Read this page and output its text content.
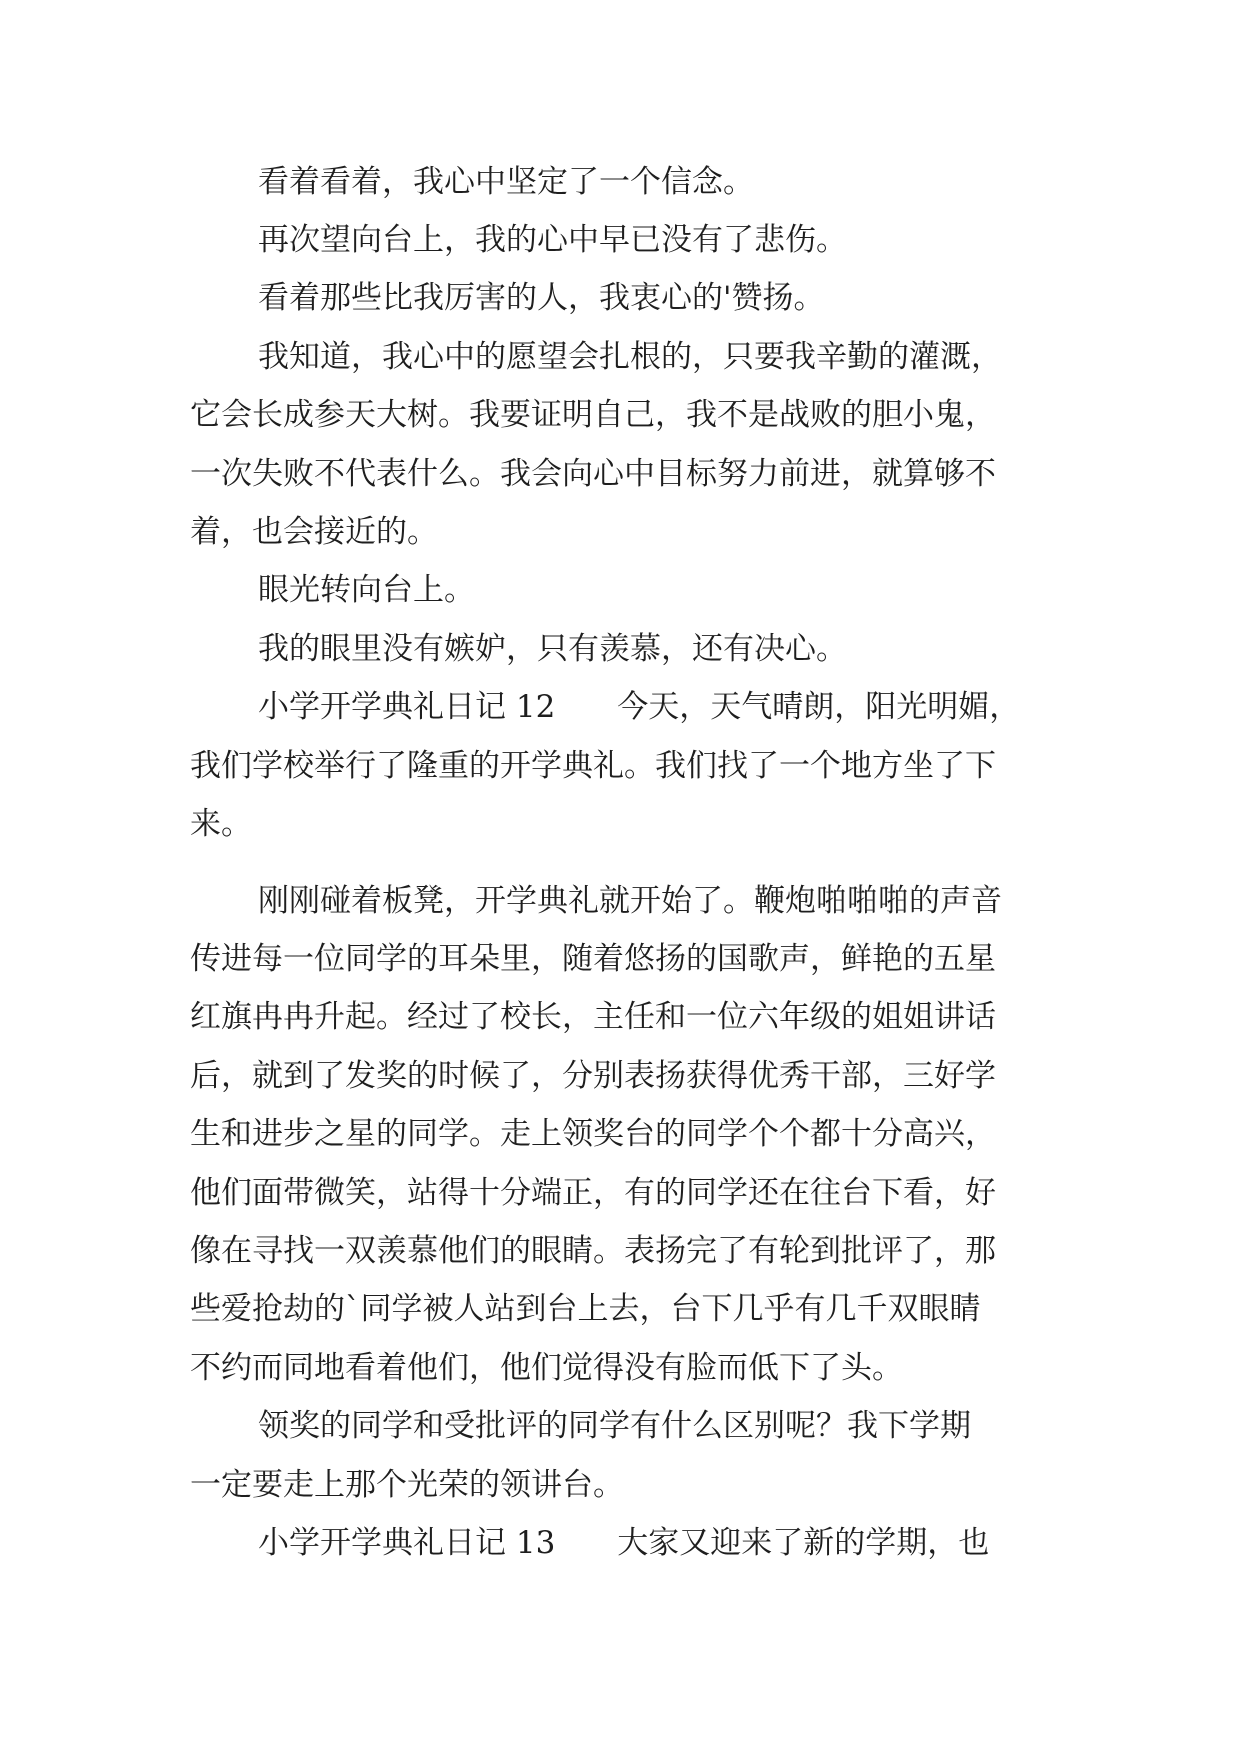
看着看着，我心中坚定了一个信念。
再次望向台上，我的心中早已没有了悲伤。
看着那些比我厉害的人，我衷心的'赞扬。
我知道，我心中的愿望会扎根的，只要我辛勤的灌溉，
它会长成参天大树。我要证明自己，我不是战败的胆小鬼，
一次失败不代表什么。我会向心中目标努力前进，就算够不
着，也会接近的。
眼光转向台上。
我的眼里没有嫉妒，只有羡慕，还有决心。
小学开学典礼日记 12　　今天，天气晴朗，阳光明媚，
我们学校举行了隆重的开学典礼。我们找了一个地方坐了下
来。
刚刚碰着板凳，开学典礼就开始了。鞭炮啪啪啪的声音
传进每一位同学的耳朵里，随着悠扬的国歌声，鲜艳的五星
红旗冉冉升起。经过了校长，主任和一位六年级的姐姐讲话
后，就到了发奖的时候了，分别表扬获得优秀干部，三好学
生和进步之星的同学。走上领奖台的同学个个都十分高兴，
他们面带微笑，站得十分端正，有的同学还在往台下看，好
像在寻找一双羡慕他们的眼睛。表扬完了有轮到批评了，那
些爱抢劫的`同学被人站到台上去，台下几乎有几千双眼睛
不约而同地看着他们，他们觉得没有脸而低下了头。
领奖的同学和受批评的同学有什么区别呢？我下学期
一定要走上那个光荣的领讲台。
小学开学典礼日记 13　　大家又迎来了新的学期，也
